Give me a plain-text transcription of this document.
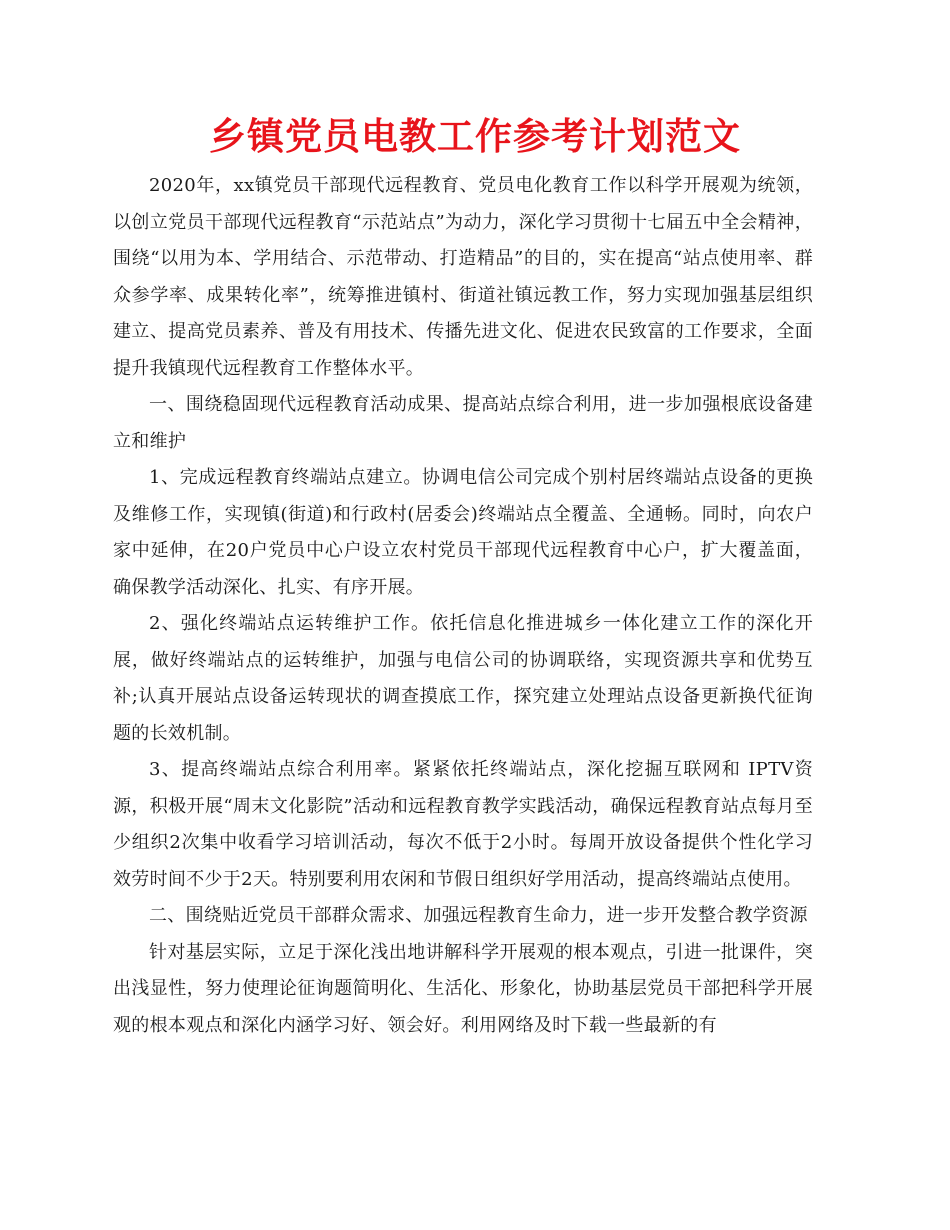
乡镇党员电教工作参考计划范文

2020年，xx镇党员干部现代远程教育、党员电化教育工作以科学开展观为统领，以创立党员干部现代远程教育“示范站点”为动力，深化学习贯彻十七届五中全会精神，围绕“以用为本、学用结合、示范带动、打造精品”的目的，实在提高“站点使用率、群众参学率、成果转化率”，统筹推进镇村、街道社镇远教工作，努力实现加强基层组织建立、提高党员素养、普及有用技术、传播先进文化、促进农民致富的工作要求，全面提升我镇现代远程教育工作整体水平。

一、围绕稳固现代远程教育活动成果、提高站点综合利用，进一步加强根底设备建立和维护

1、完成远程教育终端站点建立。协调电信公司完成个别村居终端站点设备的更换及维修工作，实现镇(街道)和行政村(居委会)终端站点全覆盖、全通畅。同时，向农户家中延伸，在20户党员中心户设立农村党员干部现代远程教育中心户，扩大覆盖面，确保教学活动深化、扎实、有序开展。

2、强化终端站点运转维护工作。依托信息化推进城乡一体化建立工作的深化开展，做好终端站点的运转维护，加强与电信公司的协调联络，实现资源共享和优势互补;认真开展站点设备运转现状的调查摸底工作，探究建立处理站点设备更新换代征询题的长效机制。

3、提高终端站点综合利用率。紧紧依托终端站点，深化挖掘互联网和 IPTV资源，积极开展“周末文化影院”活动和远程教育教学实践活动，确保远程教育站点每月至少组织2次集中收看学习培训活动，每次不低于2小时。每周开放设备提供个性化学习效劳时间不少于2天。特别要利用农闲和节假日组织好学用活动，提高终端站点使用。

二、围绕贴近党员干部群众需求、加强远程教育生命力，进一步开发整合教学资源

针对基层实际，立足于深化浅出地讲解科学开展观的根本观点，引进一批课件，突出浅显性，努力使理论征询题简明化、生活化、形象化，协助基层党员干部把科学开展观的根本观点和深化内涵学习好、领会好。利用网络及时下载一些最新的有
